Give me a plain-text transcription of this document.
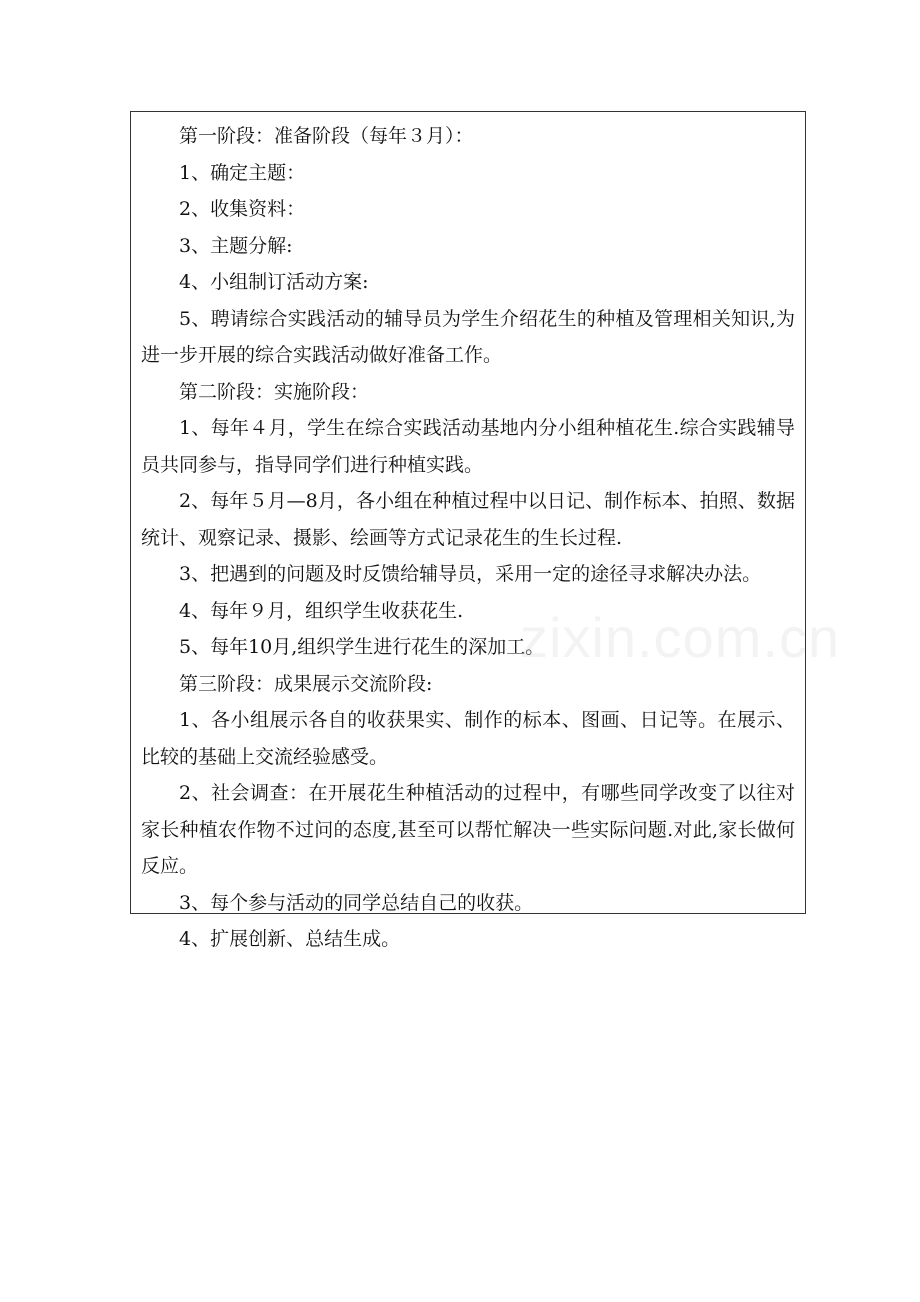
第一阶段：准备阶段（每年３月）：

1、确定主题：

2、收集资料：

3、主题分解:

4、小组制订活动方案:

5、聘请综合实践活动的辅导员为学生介绍花生的种植及管理相关知识,为进一步开展的综合实践活动做好准备工作。

第二阶段：实施阶段：

1、每年４月，学生在综合实践活动基地内分小组种植花生.综合实践辅导员共同参与，指导同学们进行种植实践。

2、每年５月—8月，各小组在种植过程中以日记、制作标本、拍照、数据统计、观察记录、摄影、绘画等方式记录花生的生长过程.

3、把遇到的问题及时反馈给辅导员，采用一定的途径寻求解决办法。

4、每年９月，组织学生收获花生.

5、每年10月,组织学生进行花生的深加工。

第三阶段：成果展示交流阶段:

1、各小组展示各自的收获果实、制作的标本、图画、日记等。在展示、比较的基础上交流经验感受。

2、社会调查：在开展花生种植活动的过程中，有哪些同学改变了以往对家长种植农作物不过问的态度,甚至可以帮忙解决一些实际问题.对此,家长做何反应。

3、每个参与活动的同学总结自己的收获。

4、扩展创新、总结生成。

zixin.com.cn
